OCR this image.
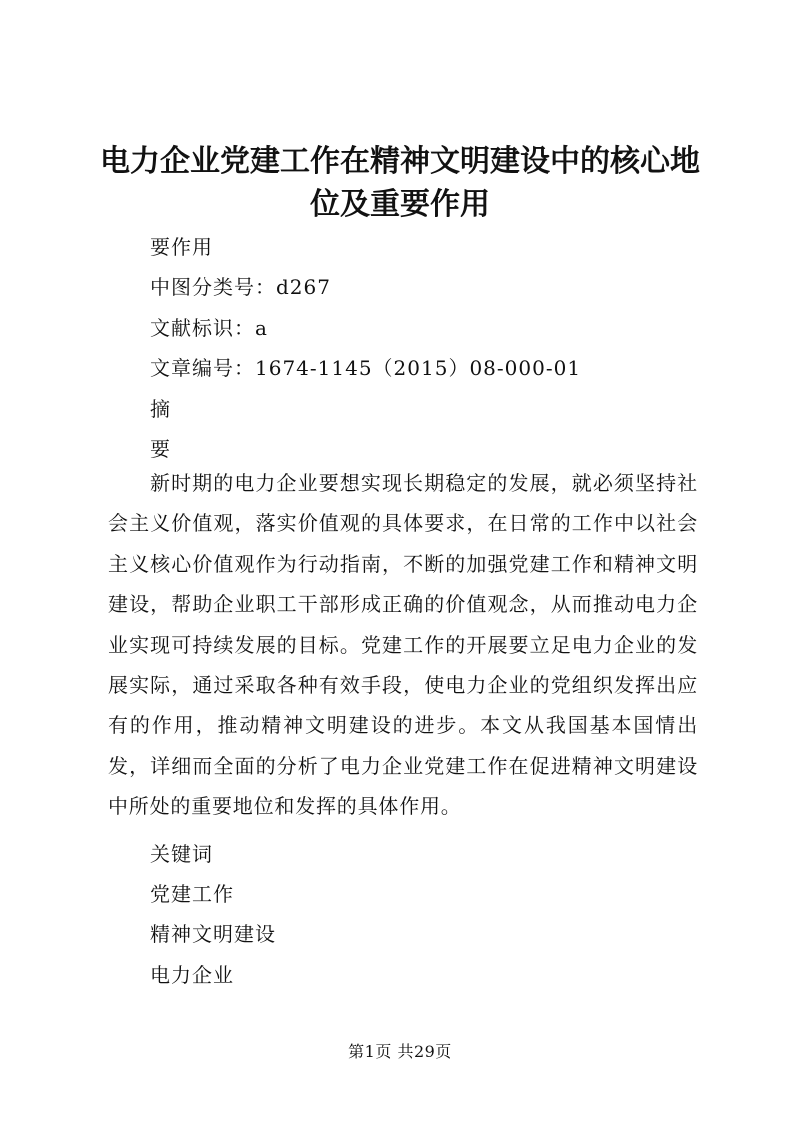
电力企业党建工作在精神文明建设中的核心地
位及重要作用
要作用
中图分类号：d267
文献标识：a
文章编号：1674-1145（2015）08-000-01
摘
要
新时期的电力企业要想实现长期稳定的发展，就必须坚持社会主义价值观，落实价值观的具体要求，在日常的工作中以社会主义核心价值观作为行动指南，不断的加强党建工作和精神文明建设，帮助企业职工干部形成正确的价值观念，从而推动电力企业实现可持续发展的目标。党建工作的开展要立足电力企业的发展实际，通过采取各种有效手段，使电力企业的党组织发挥出应有的作用，推动精神文明建设的进步。本文从我国基本国情出发，详细而全面的分析了电力企业党建工作在促进精神文明建设中所处的重要地位和发挥的具体作用。
关键词
党建工作
精神文明建设
电力企业
第1页 共29页
